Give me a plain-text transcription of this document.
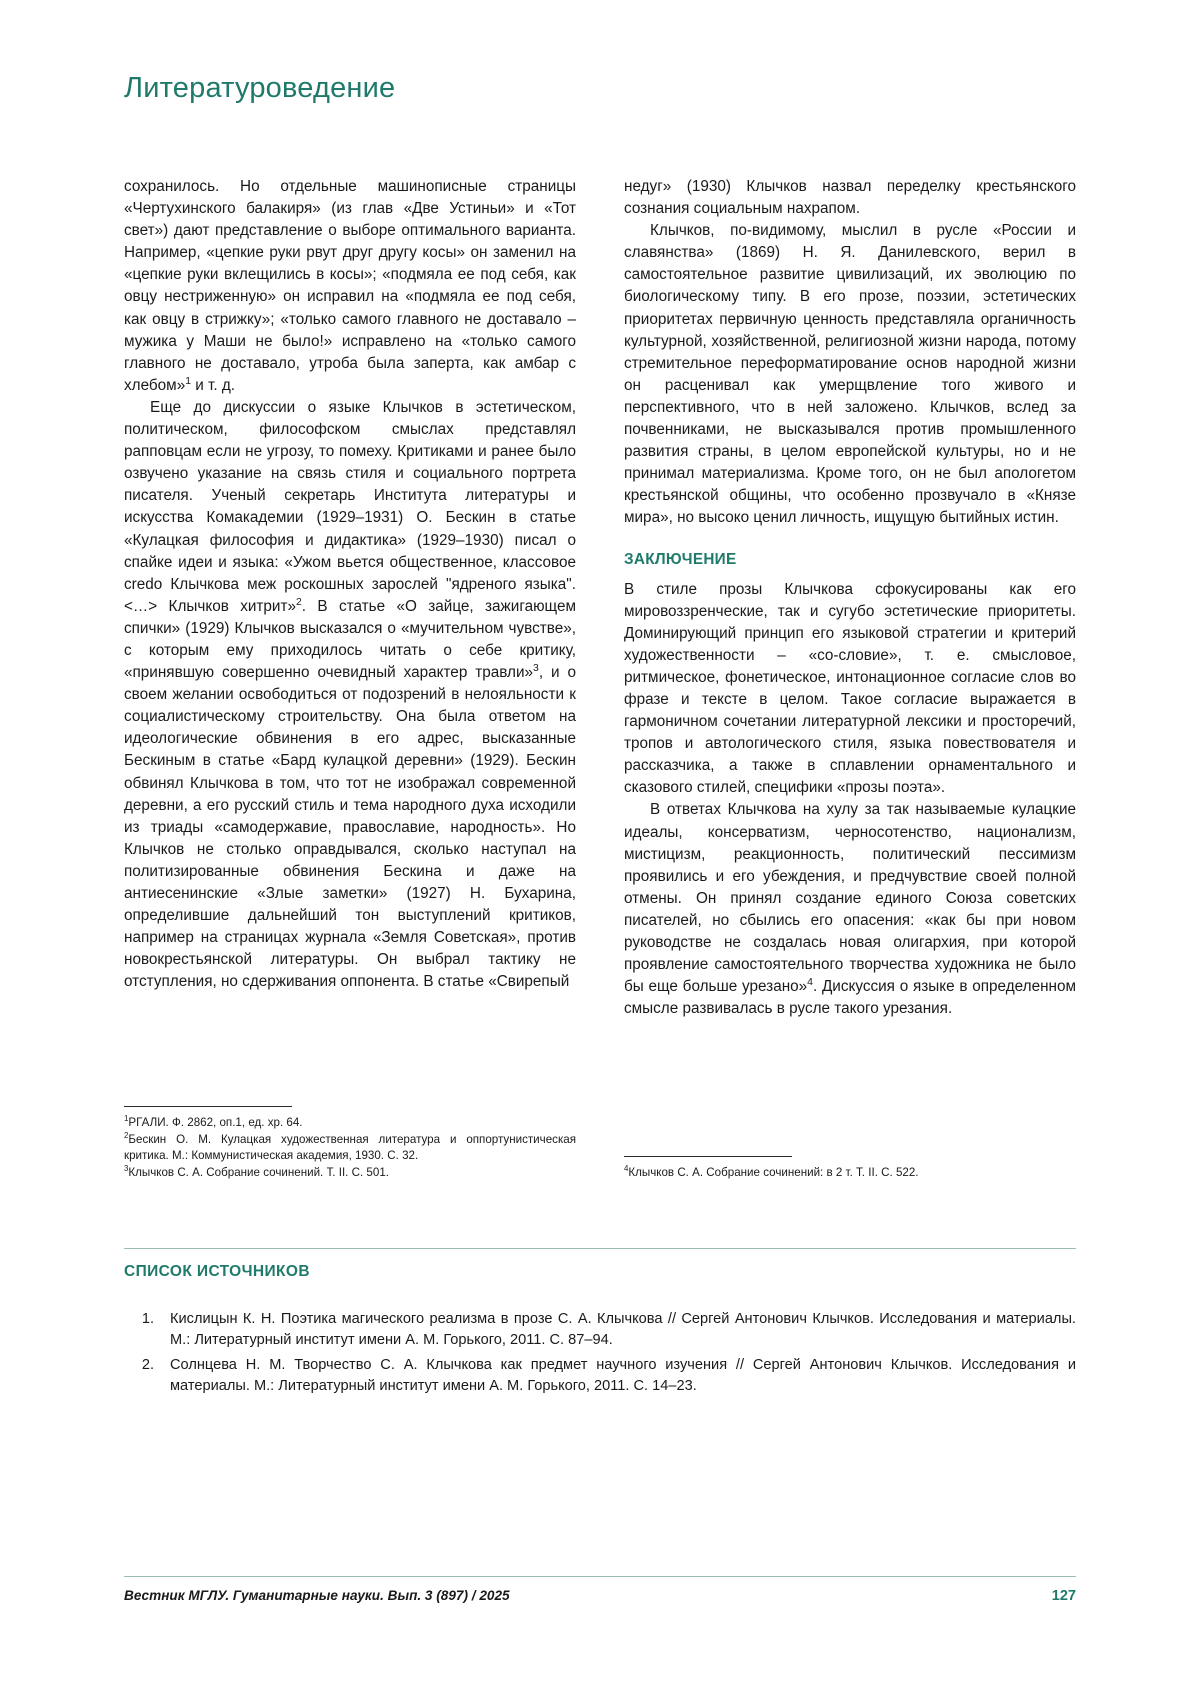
Литературоведение

сохранилось. Но отдельные машинописные страницы «Чертухинского балакиря» (из глав «Две Устиньи» и «Тот свет») дают представление о выборе оптимального варианта. Например, «цепкие руки рвут друг другу косы» он заменил на «цепкие руки вклещились в косы»; «подмяла ее под себя, как овцу нестриженную» он исправил на «подмяла ее под себя, как овцу в стрижку»; «только самого главного не доставало – мужика у Маши не было!» исправлено на «только самого главного не доставало, утроба была заперта, как амбар с хлебом»$^1$ и т. д.

Еще до дискуссии о языке Клычков в эстетическом, политическом, философском смыслах представлял рапповцам если не угрозу, то помеху. Критиками и ранее было озвучено указание на связь стиля и социального портрета писателя. Ученый секретарь Института литературы и искусства Комакадемии (1929–1931) О. Бескин в статье «Кулацкая философия и дидактика» (1929–1930) писал о спайке идеи и языка: «Ужом вьется общественное, классовое credo Клычкова меж роскошных зарослей "ядреного языка". <…> Клычков хитрит»$^2$. В статье «О зайце, зажигающем спички» (1929) Клычков высказался о «мучительном чувстве», с которым ему приходилось читать о себе критику, «принявшую совершенно очевидный характер травли»$^3$, и о своем желании освободиться от подозрений в нелояльности к социалистическому строительству. Она была ответом на идеологические обвинения в его адрес, высказанные Бескиным в статье «Бард кулацкой деревни» (1929). Бескин обвинял Клычкова в том, что тот не изображал современной деревни, а его русский стиль и тема народного духа исходили из триады «самодержавие, православие, народность». Но Клычков не столько оправдывался, сколько наступал на политизированные обвинения Бескина и даже на антиесенинские «Злые заметки» (1927) Н. Бухарина, определившие дальнейший тон выступлений критиков, например на страницах журнала «Земля Советская», против новокрестьянской литературы. Он выбрал тактику не отступления, но сдерживания оппонента. В статье «Свирепый

$^1$РГАЛИ. Ф. 2862, оп.1, ед. хр. 64.

$^2$Бескин О. М. Кулацкая художественная литература и оппортунистическая критика. М.: Коммунистическая академия, 1930. С. 32.

$^3$Клычков С. А. Собрание сочинений. Т. II. С. 501.

недуг» (1930) Клычков назвал переделку крестьянского сознания социальным нахрапом.

Клычков, по-видимому, мыслил в русле «России и славянства» (1869) Н. Я. Данилевского, верил в самостоятельное развитие цивилизаций, их эволюцию по биологическому типу. В его прозе, поэзии, эстетических приоритетах первичную ценность представляла органичность культурной, хозяйственной, религиозной жизни народа, потому стремительное переформатирование основ народной жизни он расценивал как умерщвление того живого и перспективного, что в ней заложено. Клычков, вслед за почвенниками, не высказывался против промышленного развития страны, в целом европейской культуры, но и не принимал материализма. Кроме того, он не был апологетом крестьянской общины, что особенно прозвучало в «Князе мира», но высоко ценил личность, ищущую бытийных истин.

ЗАКЛЮЧЕНИЕ

В стиле прозы Клычкова сфокусированы как его мировоззренческие, так и сугубо эстетические приоритеты. Доминирующий принцип его языковой стратегии и критерий художественности – «со-словие», т. е. смысловое, ритмическое, фонетическое, интонационное согласие слов во фразе и тексте в целом. Такое согласие выражается в гармоничном сочетании литературной лексики и просторечий, тропов и автологического стиля, языка повествователя и рассказчика, а также в сплавлении орнаментального и сказового стилей, специфики «прозы поэта».

В ответах Клычкова на хулу за так называемые кулацкие идеалы, консерватизм, черносотенство, национализм, мистицизм, реакционность, политический пессимизм проявились и его убеждения, и предчувствие своей полной отмены. Он принял создание единого Союза советских писателей, но сбылись его опасения: «как бы при новом руководстве не создалась новая олигархия, при которой проявление самостоятельного творчества художника не было бы еще больше урезано»$^4$. Дискуссия о языке в определенном смысле развивалась в русле такого урезания.

$^4$Клычков С. А. Собрание сочинений: в 2 т. Т. II. С. 522.

СПИСОК ИСТОЧНИКОВ
1.	Кислицын К. Н. Поэтика магического реализма в прозе С. А. Клычкова // Сергей Антонович Клычков. Исследования и материалы. М.: Литературный институт имени А. М. Горького, 2011. С. 87–94.
2.	Солнцева Н. М. Творчество С. А. Клычкова как предмет научного изучения // Сергей Антонович Клычков. Исследования и материалы. М.: Литературный институт имени А. М. Горького, 2011. С. 14–23.
Вестник МГЛУ. Гуманитарные науки. Вып. 3 (897) / 2025	127
